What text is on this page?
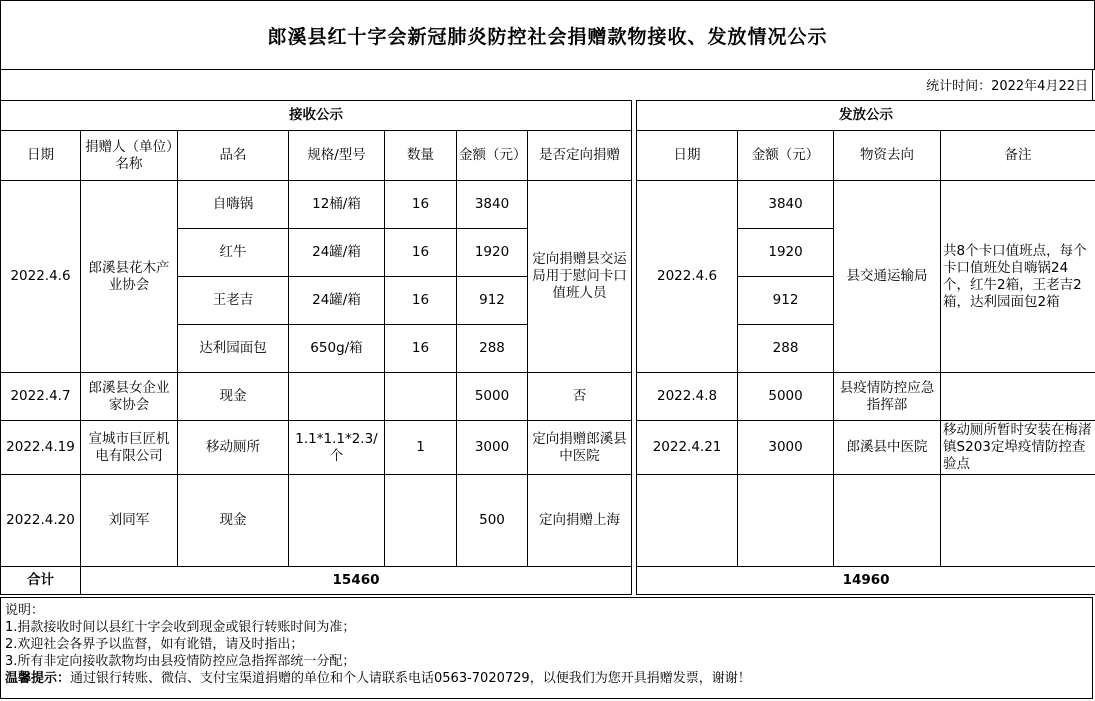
郎溪县红十字会新冠肺炎防控社会捐赠款物接收、发放情况公示
统计时间：2022年4月22日
接收公示								发放公示			
日期	捐赠人（单位）名称	品名	规格/型号	数量	金额（元）	是否定向捐赠		日期	金额（元）	物资去向	备注
2022.4.6	郎溪县花木产业协会	自嗨锅	12桶/箱	16	3840	定向捐赠县交运局用于慰问卡口值班人员		2022.4.6	3840	县交通运输局	共8个卡口值班点，每个卡口值班处自嗨锅24个，红牛2箱，王老吉2箱，达利园面包2箱
		红牛	24罐/箱	16	1920				1920		
		王老吉	24罐/箱	16	912				912		
		达利园面包	650g/箱	16	288				288		
2022.4.7	郎溪县女企业家协会	现金			5000	否		2022.4.8	5000	县疫情防控应急指挥部	
2022.4.19	宣城市巨匠机电有限公司	移动厕所	1.1*1.1*2.3/个	1	3000	定向捐赠郎溪县中医院		2022.4.21	3000	郎溪县中医院	移动厕所暂时安装在梅渚镇S203定埠疫情防控查验点
2022.4.20	刘同军	现金			500	定向捐赠上海					
合计	15460							14960			
说明：
1.捐款接收时间以县红十字会收到现金或银行转账时间为准；
2.欢迎社会各界予以监督，如有讹错，请及时指出；
3.所有非定向接收款物均由县疫情防控应急指挥部统一分配；
温馨提示：通过银行转账、微信、支付宝渠道捐赠的单位和个人请联系电话0563-7020729，以便我们为您开具捐赠发票，谢谢！
